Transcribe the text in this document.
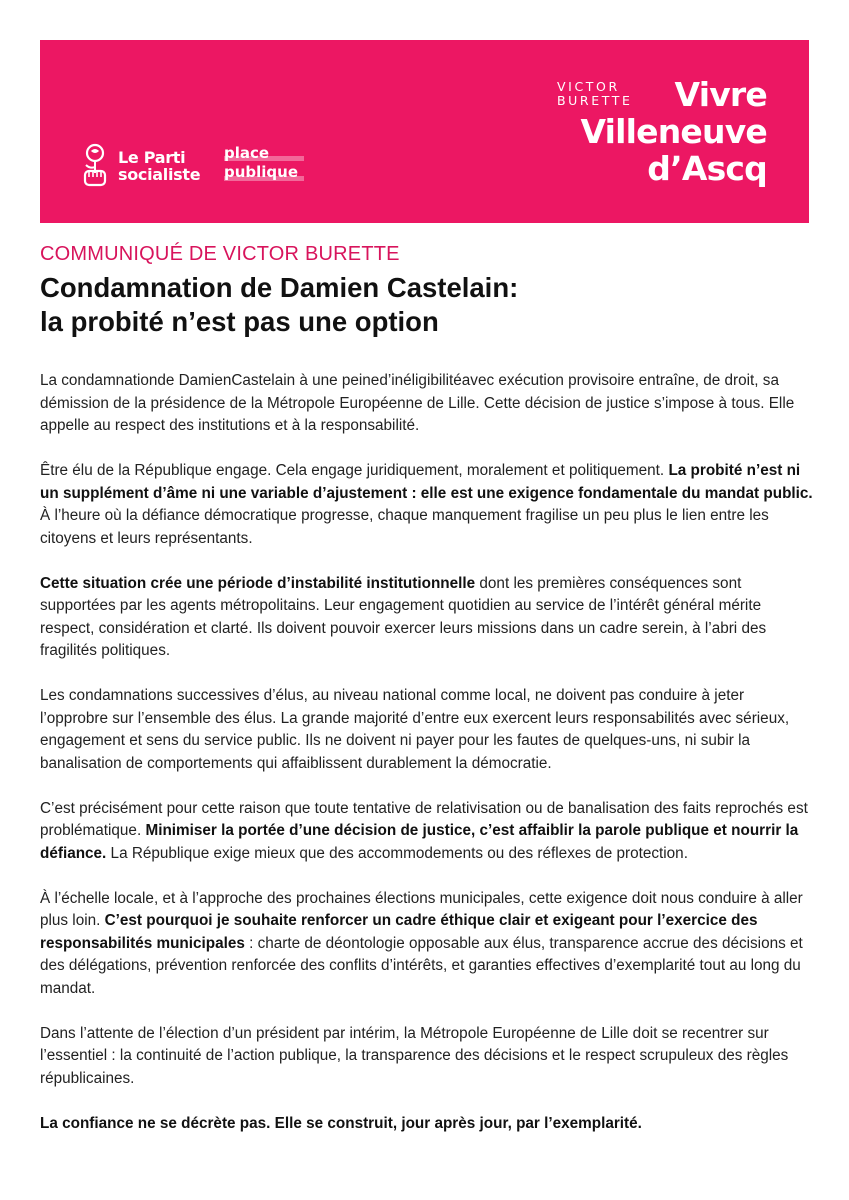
Le Parti
socialiste
place
publique
VICTOR
BURETTE	Vivre
Villeneuve
d’Ascq
COMMUNIQUÉ DE VICTOR BURETTE
Condamnation de Damien Castelain:
la probité n’est pas une option

La condamnationde DamienCastelain à une peined’inéligibilitéavec exécution provisoire entraîne, de droit, sa démission de la présidence de la Métropole Européenne de Lille. Cette décision de justice s’impose à tous. Elle appelle au respect des institutions et à la responsabilité.

Être élu de la République engage. Cela engage juridiquement, moralement et politiquement. La probité n’est ni un supplément d’âme ni une variable d’ajustement : elle est une exigence fondamentale du mandat public. À l’heure où la défiance démocratique progresse, chaque manquement fragilise un peu plus le lien entre les citoyens et leurs représentants.

Cette situation crée une période d’instabilité institutionnelle dont les premières conséquences sont supportées par les agents métropolitains. Leur engagement quotidien au service de l’intérêt général mérite respect, considération et clarté. Ils doivent pouvoir exercer leurs missions dans un cadre serein, à l’abri des fragilités politiques.

Les condamnations successives d’élus, au niveau national comme local, ne doivent pas conduire à jeter l’opprobre sur l’ensemble des élus. La grande majorité d’entre eux exercent leurs responsabilités avec sérieux, engagement et sens du service public. Ils ne doivent ni payer pour les fautes de quelques-uns, ni subir la banalisation de comportements qui affaiblissent durablement la démocratie.

C’est précisément pour cette raison que toute tentative de relativisation ou de banalisation des faits reprochés est problématique. Minimiser la portée d’une décision de justice, c’est affaiblir la parole publique et nourrir la défiance. La République exige mieux que des accommodements ou des réflexes de protection.

À l’échelle locale, et à l’approche des prochaines élections municipales, cette exigence doit nous conduire à aller plus loin. C’est pourquoi je souhaite renforcer un cadre éthique clair et exigeant pour l’exercice des responsabilités municipales : charte de déontologie opposable aux élus, transparence accrue des décisions et des délégations, prévention renforcée des conflits d’intérêts, et garanties effectives d’exemplarité tout au long du mandat.

Dans l’attente de l’élection d’un président par intérim, la Métropole Européenne de Lille doit se recentrer sur l’essentiel : la continuité de l’action publique, la transparence des décisions et le respect scrupuleux des règles républicaines.

La confiance ne se décrète pas. Elle se construit, jour après jour, par l’exemplarité.
